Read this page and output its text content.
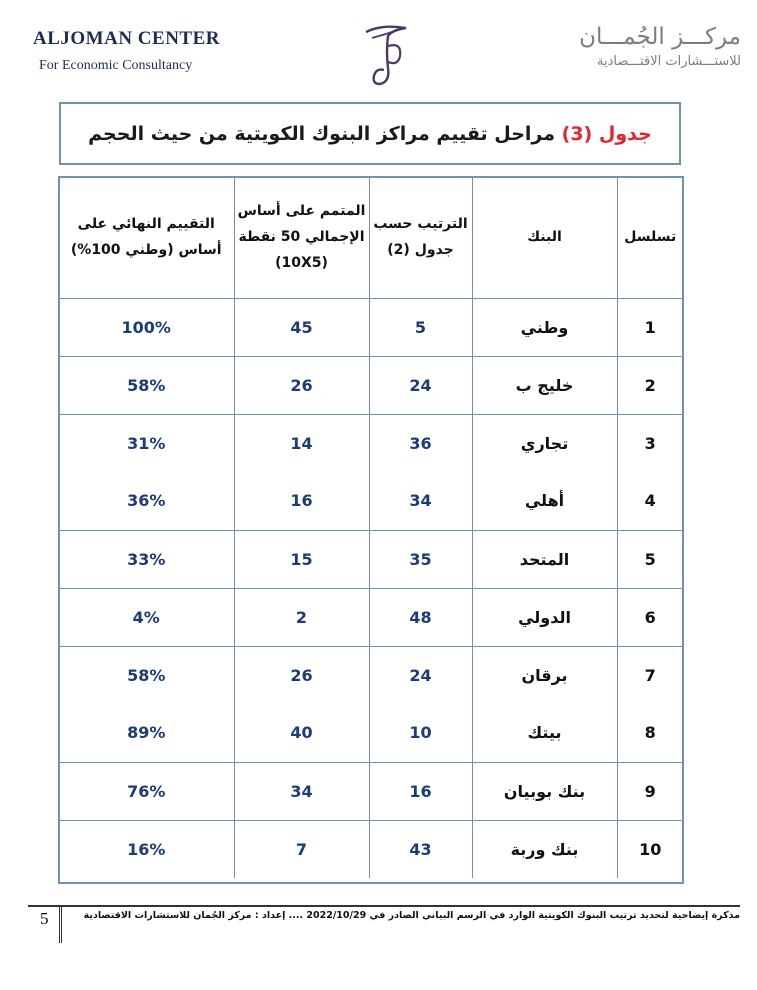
ALJOMAN CENTER
For Economic Consultancy
مركـــز الجُمـــان
للاستـــشارات الاقتـــصادية
جدول (3) مراحل تقييم مراكز البنوك الكويتية من حيث الحجم
تسلسل	البنك	الترتيب حسب جدول (2)	المتمم على أساس الإجمالي 50 نقطة (10X5)	التقييم النهائي على أساس (وطني 100%)
1	وطني	5	45	100%
2	خليج ب	24	26	58%
3	تجاري	36	14	31%
4	أهلي	34	16	36%
5	المتحد	35	15	33%
6	الدولي	48	2	4%
7	برقان	24	26	58%
8	بيتك	10	40	89%
9	بنك بوبيان	16	34	76%
10	بنك وربة	43	7	16%
5	مذكرة إيضاحية لتحديد ترتيب البنوك الكويتية الوارد في الرسم البياني الصادر في 2022/10/29 .... إعداد : مركز الجُمان للاستشارات الاقتصادية
